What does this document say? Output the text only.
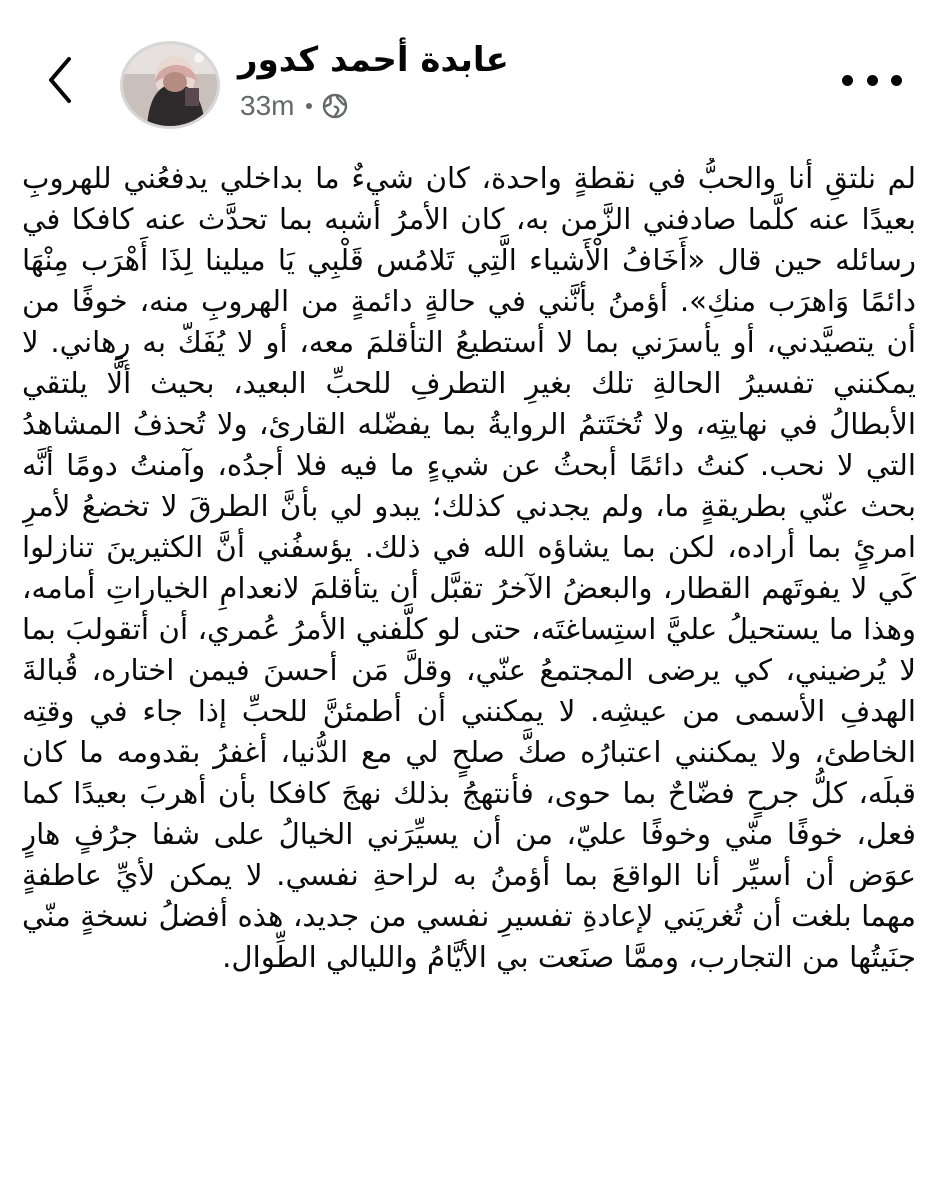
عابدة أحمد كدور
33m

لم نلتقِ أنا والحبُّ في نقطةٍ واحدة، كان شيءٌ ما بداخلي يدفعُني للهروبِ بعيدًا عنه كلَّما صادفني الزَّمن به، كان الأمرُ أشبه بما تحدَّث عنه كافكا في رسائله حين قال «أَخَافُ الْأَشياء الَّتِي تَلامُس قَلْبِي يَا ميلينا لِذَا أَهْرَب مِنْهَا دائمًا وَاهرَب منكِ». أؤمنُ بأنَّني في حالةٍ دائمةٍ من الهروبِ منه، خوفًا من أن يتصيَّدني، أو يأسرَني بما لا أستطيعُ التأقلمَ معه، أو لا يُفَكّ به رِهاني. لا يمكنني تفسيرُ الحالةِ تلك بغيرِ التطرفِ للحبِّ البعيد، بحيث ألَّا يلتقي الأبطالُ في نهايتِه، ولا تُختَتمُ الروايةُ بما يفضّله القارئ، ولا تُحذفُ المشاهدُ التي لا نحب. كنتُ دائمًا أبحثُ عن شيءٍ ما فيه فلا أجدُه، وآمنتُ دومًا أنَّه بحث عنّي بطريقةٍ ما، ولم يجدني كذلك؛ يبدو لي بأنَّ الطرقَ لا تخضعُ لأمرِ امرئٍ بما أراده، لكن بما يشاؤه الله في ذلك. يؤسفُني أنَّ الكثيرينَ تنازلوا كَي لا يفوتَهم القطار، والبعضُ الآخرُ تقبَّل أن يتأقلمَ لانعدامِ الخياراتِ أمامه، وهذا ما يستحيلُ عليَّ استِساغتَه، حتى لو كلَّفني الأمرُ عُمري، أن أتقولبَ بما لا يُرضيني، كي يرضى المجتمعُ عنّي، وقلَّ مَن أحسنَ فيمن اختاره، قُبالةَ الهدفِ الأسمى من عيشِه. لا يمكنني أن أطمئنَّ للحبِّ إذا جاء في وقتِه الخاطئ، ولا يمكنني اعتبارُه صكَّ صلحٍ لي مع الدُّنيا، أغفرُ بقدومه ما كان قبلَه، كلُّ جرحٍ فضّاحٌ بما حوى، فأنتهجُ بذلك نهجَ كافكا بأن أهربَ بعيدًا كما فعل، خوفًا منّي وخوفًا عليّ، من أن يسيِّرَني الخيالُ على شفا جرُفٍ هارٍ عوَض أن أسيِّر أنا الواقعَ بما أؤمنُ به لراحةِ نفسي. لا يمكن لأيِّ عاطفةٍ مهما بلغت أن تُغريَني لإعادةِ تفسيرِ نفسي من جديد، هذه أفضلُ نسخةٍ منّي جنَيتُها من التجارب، وممَّا صنَعت بي الأيَّامُ والليالي الطِّوال.
